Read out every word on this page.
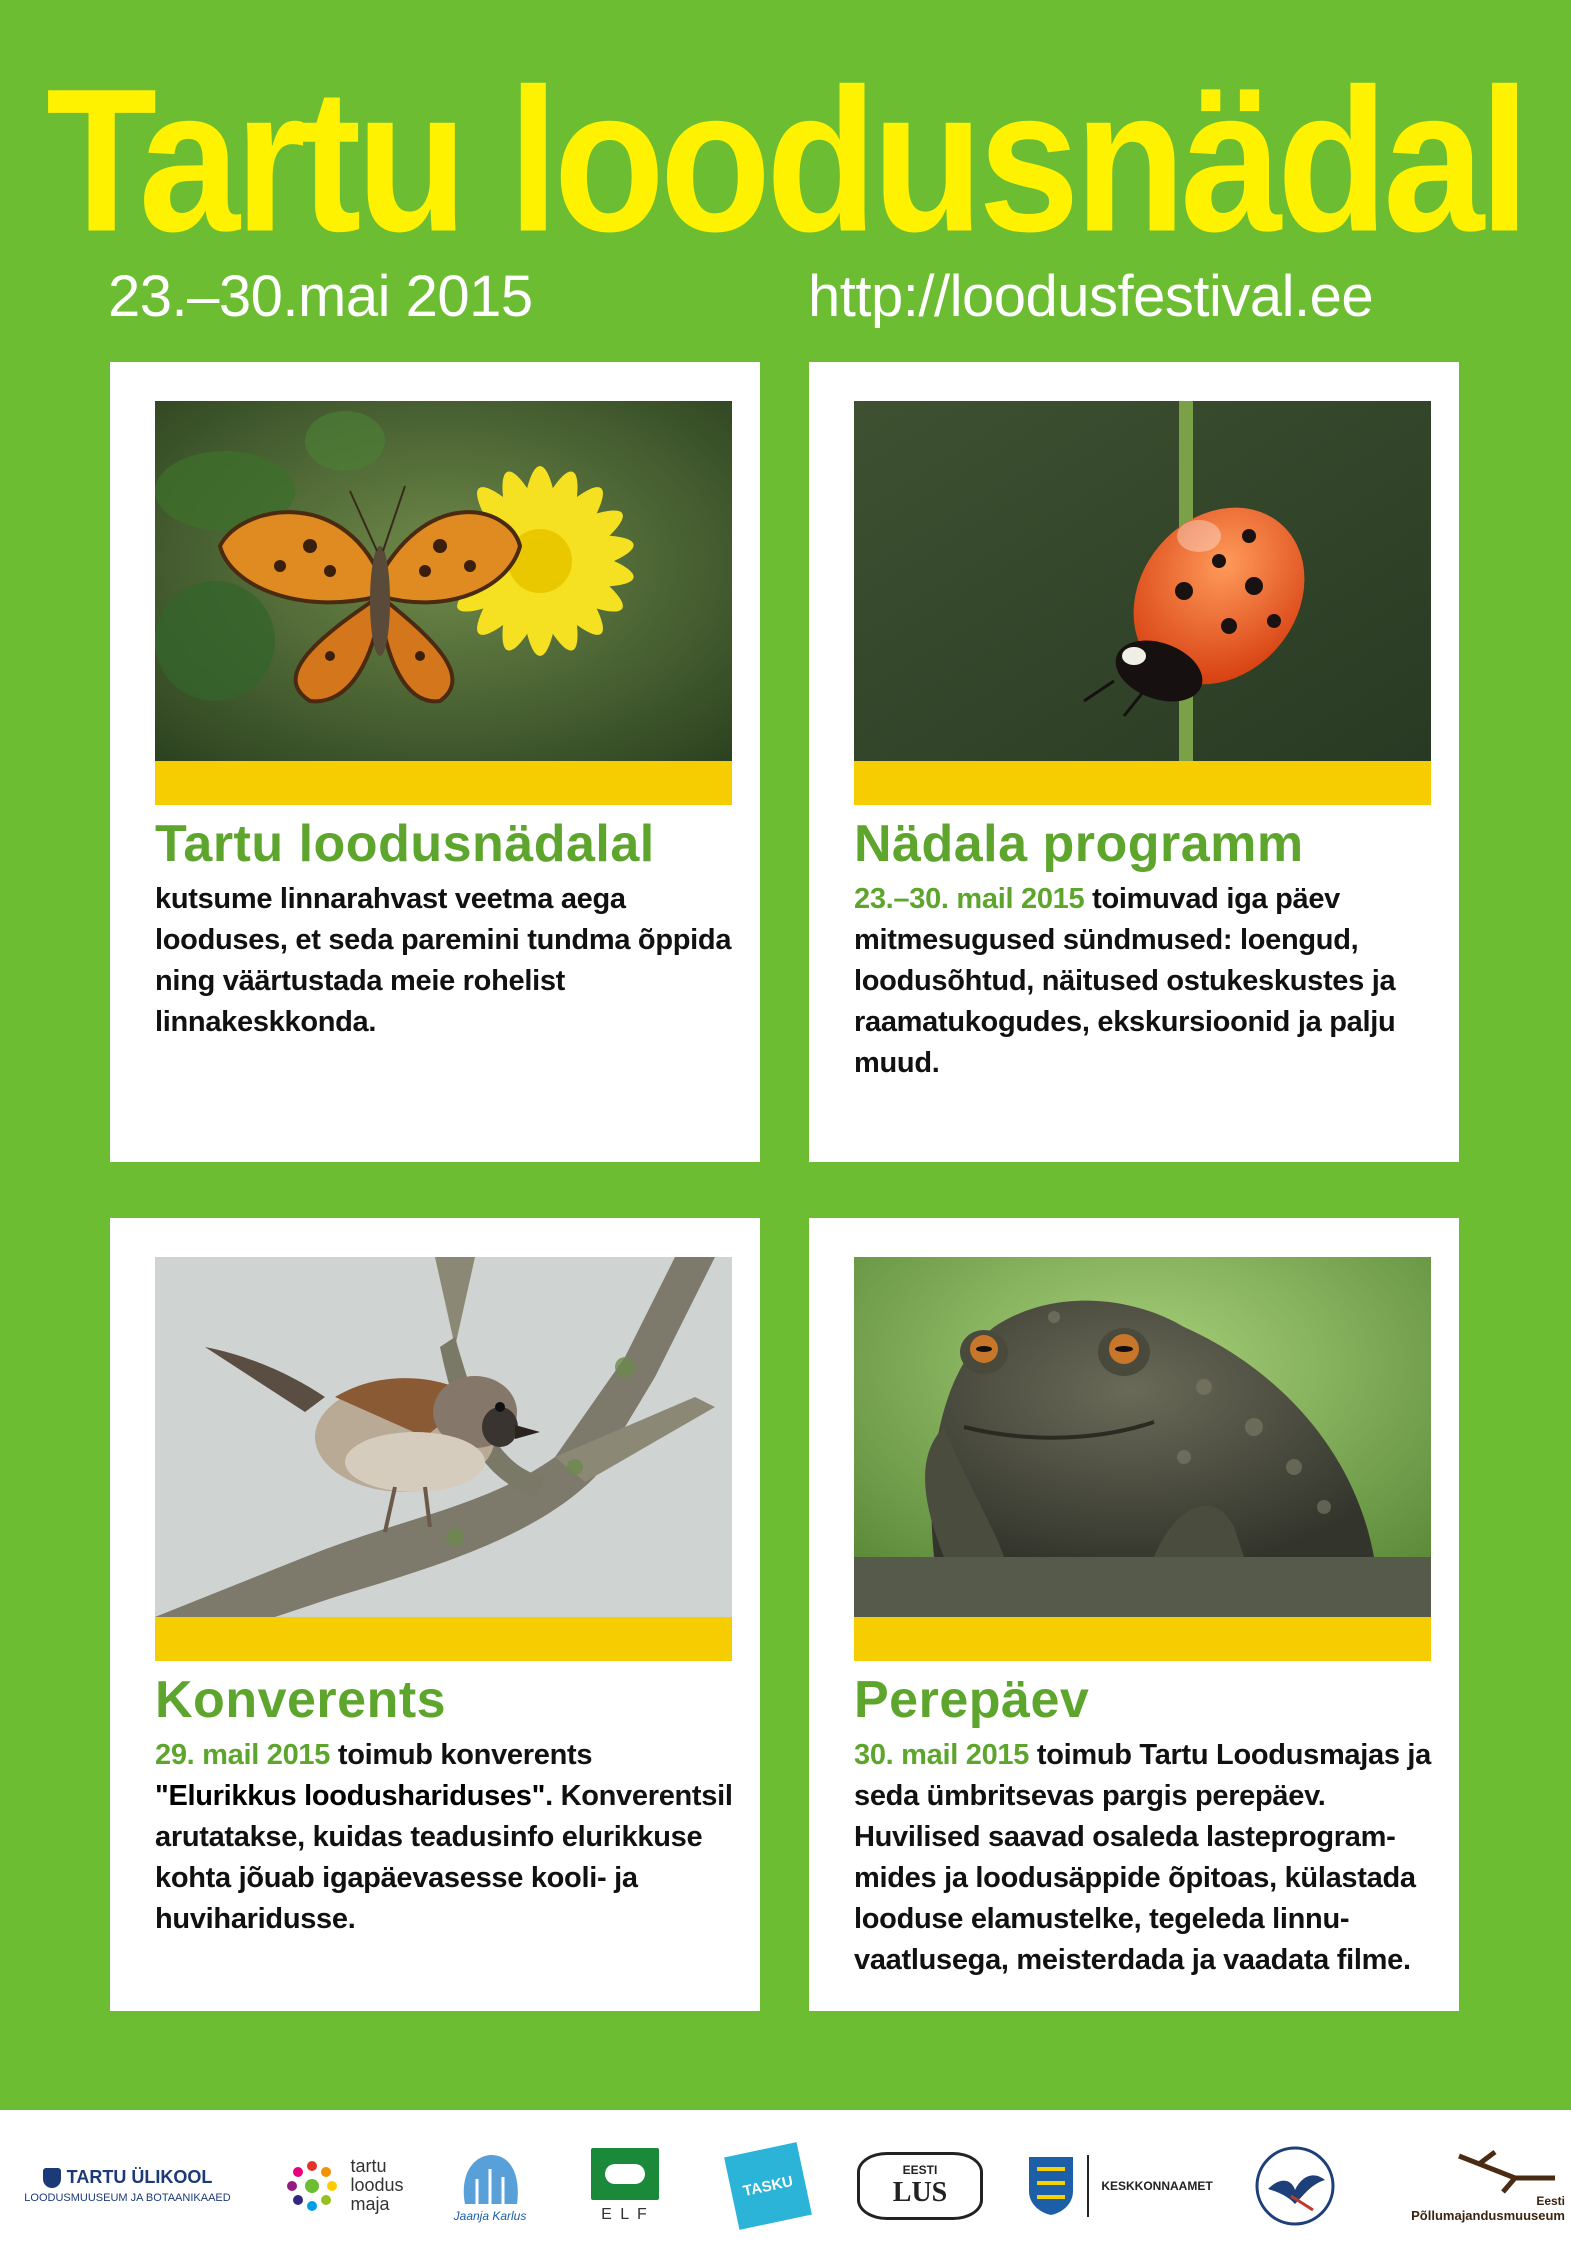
Tartu loodusnädal
23.–30.mai 2015	http://loodusfestival.ee
Tartu loodusnädalal

kutsume linnarahvast veetma aega looduses, et seda paremini tundma õppida ning väärtustada meie rohelist linnakeskkonda.

Nädala programm

23.–30. mail 2015 toimuvad iga päev mitmesugused sündmused: loengud, loodusõhtud, näitused ostukeskustes ja raamatukogudes, ekskursioonid ja palju muud.

Konverents

29. mail 2015 toimub konverents "Elurikkus loodushariduses". Konverentsil arutatakse, kuidas teadusinfo elurikkuse kohta jõuab igapäevasesse kooli- ja huviharidusse.

Perepäev

30. mail 2015 toimub Tartu Loodusmajas ja seda ümbritsevas pargis perepäev. Huvilised saavad osaleda lasteprogram-mides ja loodusäppide õpitoas, külastada looduse elamustelke, tegeleda linnu-vaatlusega, meisterdada ja vaadata filme.

TARTU ÜLIKOOL
LOODUSMUUSEUM JA BOTAANIKAAED
tartu
loodus
maja
Jaanja Karlus	E L F
TASKU
EESTI
LUS	KESKKONNAAMET
Eesti
Põllumajandusmuuseum
